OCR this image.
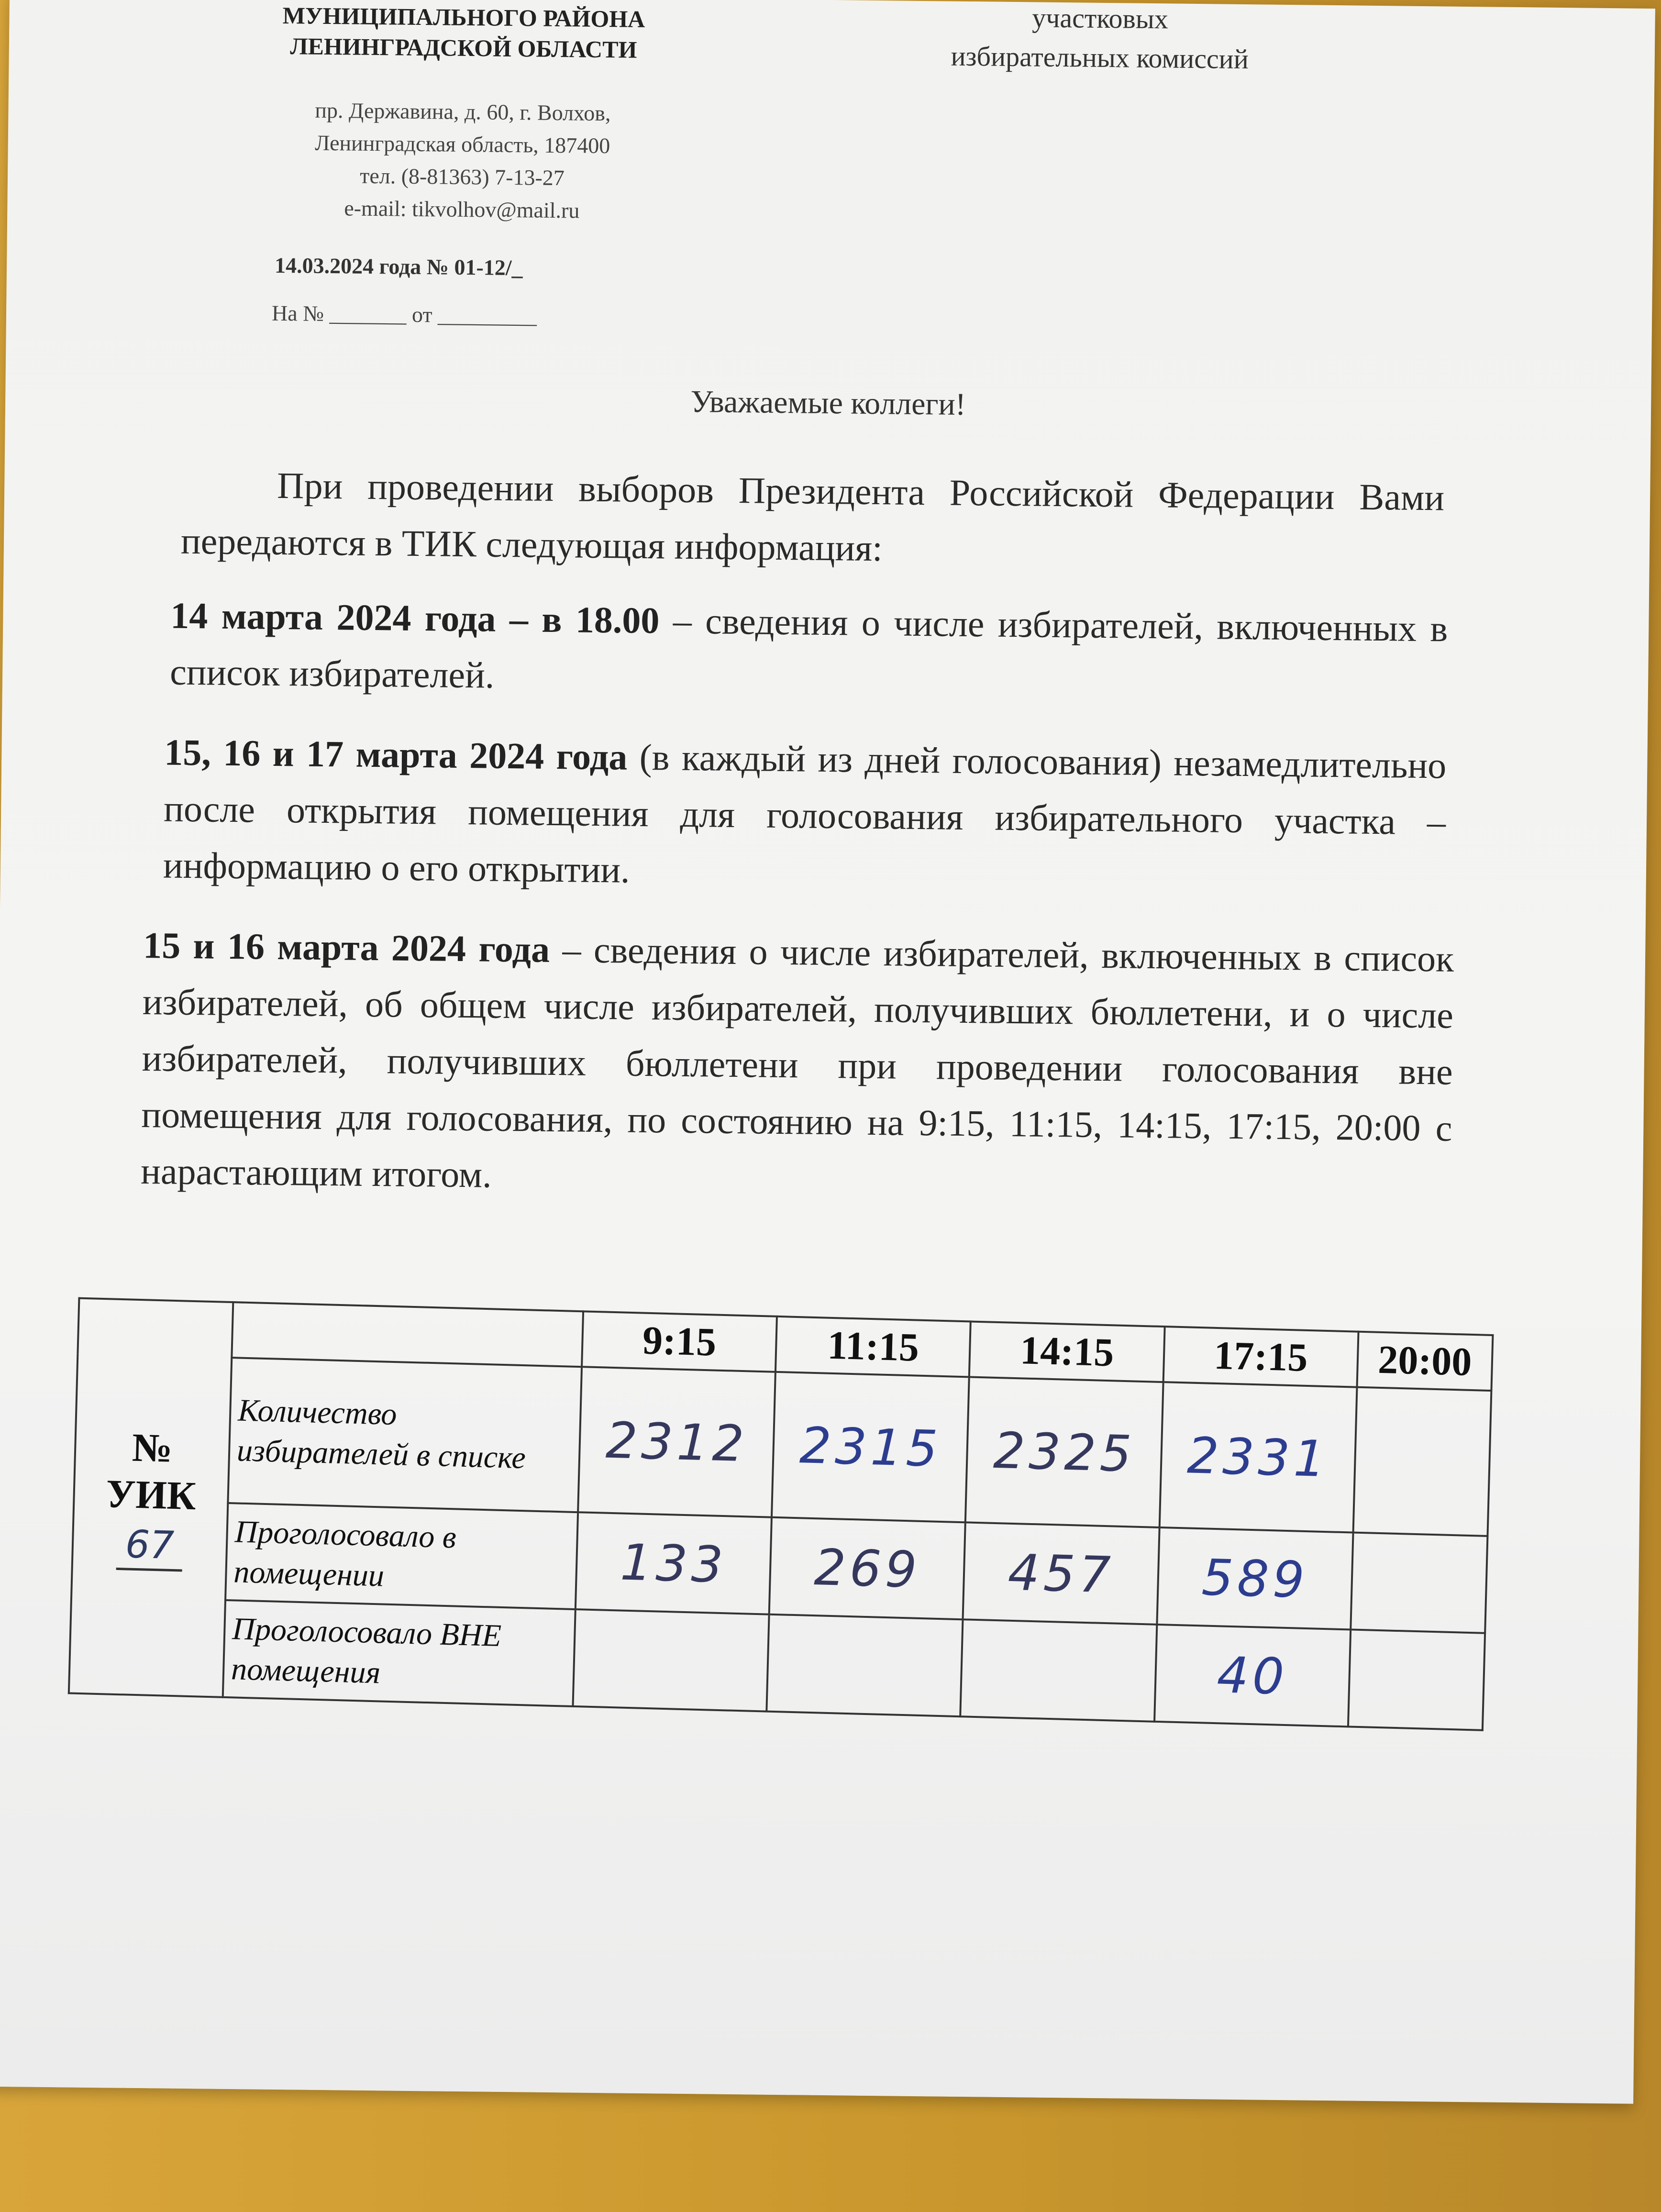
МУНИЦИПАЛЬНОГО РАЙОНА
ЛЕНИНГРАДСКОЙ ОБЛАСТИ
участковых
избирательных комиссий
пр. Державина, д. 60, г. Волхов,
Ленинградская область, 187400
тел. (8-81363) 7-13-27
e-mail: tikvolhov@mail.ru
14.03.2024 года № 01-12/_
На № _______ от _________
Уважаемые коллеги!
При проведении выборов Президента Российской Федерации Вами передаются в ТИК следующая информация:
14 марта 2024 года – в 18.00 – сведения о числе избирателей, включенных в список избирателей.
15, 16 и 17 марта 2024 года (в каждый из дней голосования) незамедлительно после открытия помещения для голосования избирательного участка – информацию о его открытии.
15 и 16 марта 2024 года – сведения о числе избирателей, включенных в список избирателей, об общем числе избирателей, получивших бюллетени, и о числе избирателей, получивших бюллетени при проведении голосования вне помещения для голосования, по состоянию на 9:15, 11:15, 14:15, 17:15, 20:00 с нарастающим итогом.
№
УИК
67		9:15	11:15	14:15	17:15	20:00
	Количество избирателей в списке	2312	2315	2325	2331	
	Проголосовало в помещении	133	269	457	589	
	Проголосовало ВНЕ помещения				40	
